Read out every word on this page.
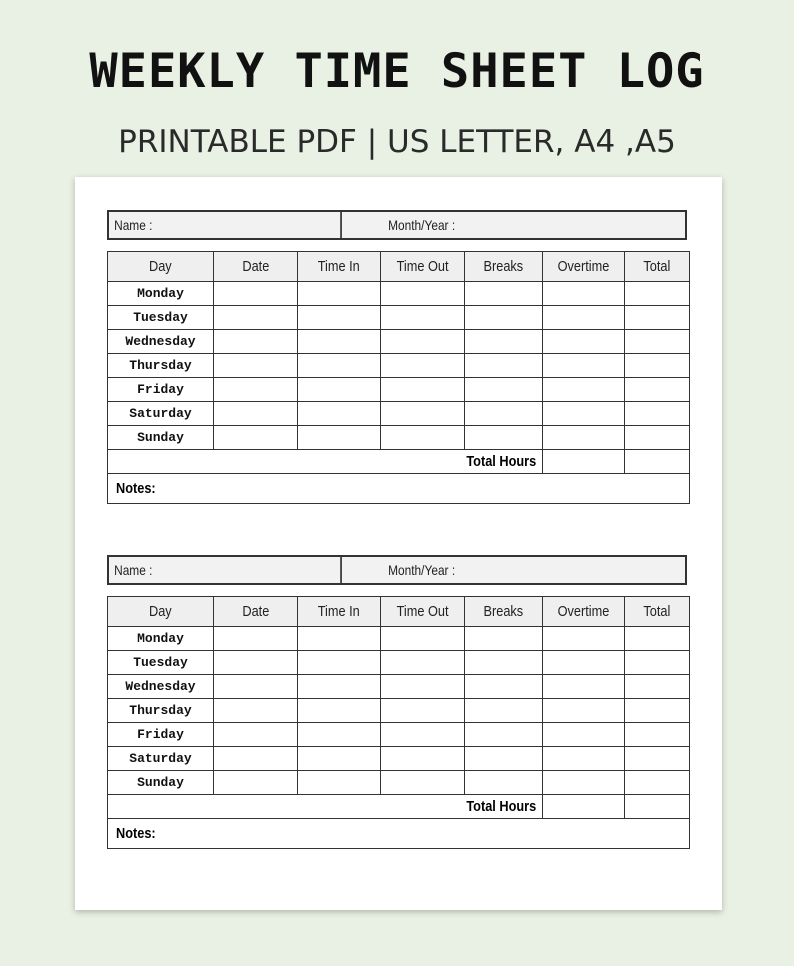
WEEKLY TIME SHEET LOG
PRINTABLE PDF | US LETTER, A4 ,A5
Name :	Month/Year :
Day	Date	Time In	Time Out	Breaks	Overtime	Total
Monday						
Tuesday						
Wednesday						
Thursday						
Friday						
Saturday						
Sunday						
Total Hours						
Notes:						
Name :	Month/Year :
Day	Date	Time In	Time Out	Breaks	Overtime	Total
Monday						
Tuesday						
Wednesday						
Thursday						
Friday						
Saturday						
Sunday						
Total Hours						
Notes:						
